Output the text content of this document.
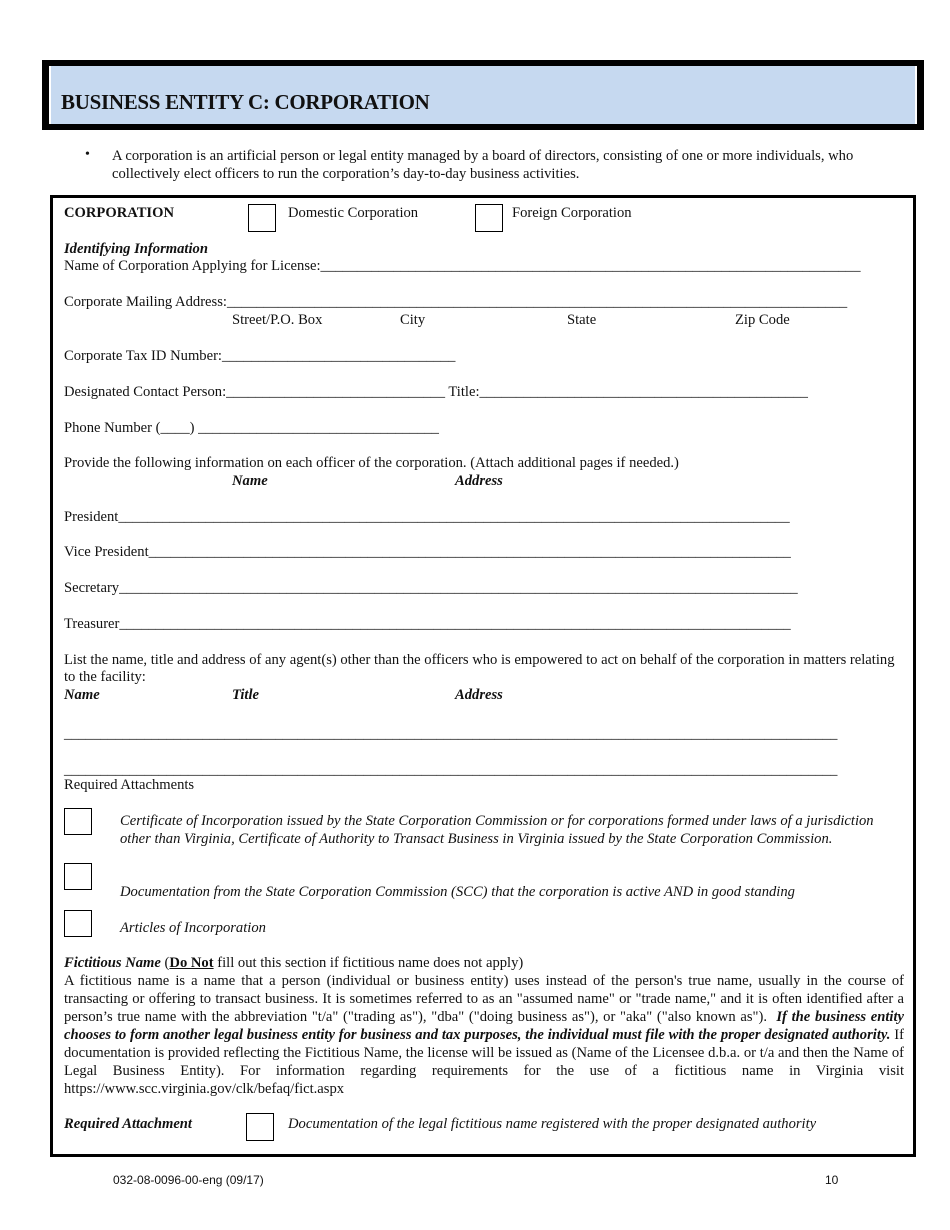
BUSINESS ENTITY C: CORPORATION
• A corporation is an artificial person or legal entity managed by a board of directors, consisting of one or more individuals, who collectively elect officers to run the corporation’s day-to-day business activities.
CORPORATION	Domestic Corporation	Foreign Corporation
Identifying Information
Name of Corporation Applying for License:__________________________________________________________________________
Corporate Mailing Address:_____________________________________________________________________________________
Street/P.O. Box	City	State	Zip Code
Corporate Tax ID Number:________________________________
Designated Contact Person:______________________________ Title:_____________________________________________
Phone Number (____) _________________________________
Provide the following information on each officer of the corporation. (Attach additional pages if needed.)
Name	Address
President____________________________________________________________________________________________
Vice President________________________________________________________________________________________
Secretary_____________________________________________________________________________________________
Treasurer____________________________________________________________________________________________
List the name, title and address of any agent(s) other than the officers who is empowered to act on behalf of the corporation in matters relating to the facility:
Name	Title	Address
__________________________________________________________________________________________________________
__________________________________________________________________________________________________________
Required Attachments
Certificate of Incorporation issued by the State Corporation Commission or for corporations formed under laws of a jurisdiction other than Virginia, Certificate of Authority to Transact Business in Virginia issued by the State Corporation Commission.
Documentation from the State Corporation Commission (SCC) that the corporation is active AND in good standing
Articles of Incorporation
Fictitious Name (Do Not fill out this section if fictitious name does not apply)
A fictitious name is a name that a person (individual or business entity) uses instead of the person's true name, usually in the course of transacting or offering to transact business. It is sometimes referred to as an "assumed name" or "trade name," and it is often identified after a person’s true name with the abbreviation "t/a" ("trading as"), "dba" ("doing business as"), or "aka" ("also known as"). If the business entity chooses to form another legal business entity for business and tax purposes, the individual must file with the proper designated authority. If documentation is provided reflecting the Fictitious Name, the license will be issued as (Name of the Licensee d.b.a. or t/a and then the Name of Legal Business Entity). For information regarding requirements for the use of a fictitious name in Virginia visit https://www.scc.virginia.gov/clk/befaq/fict.aspx
Required Attachment	Documentation of the legal fictitious name registered with the proper designated authority
032-08-0096-00-eng (09/17)	10
